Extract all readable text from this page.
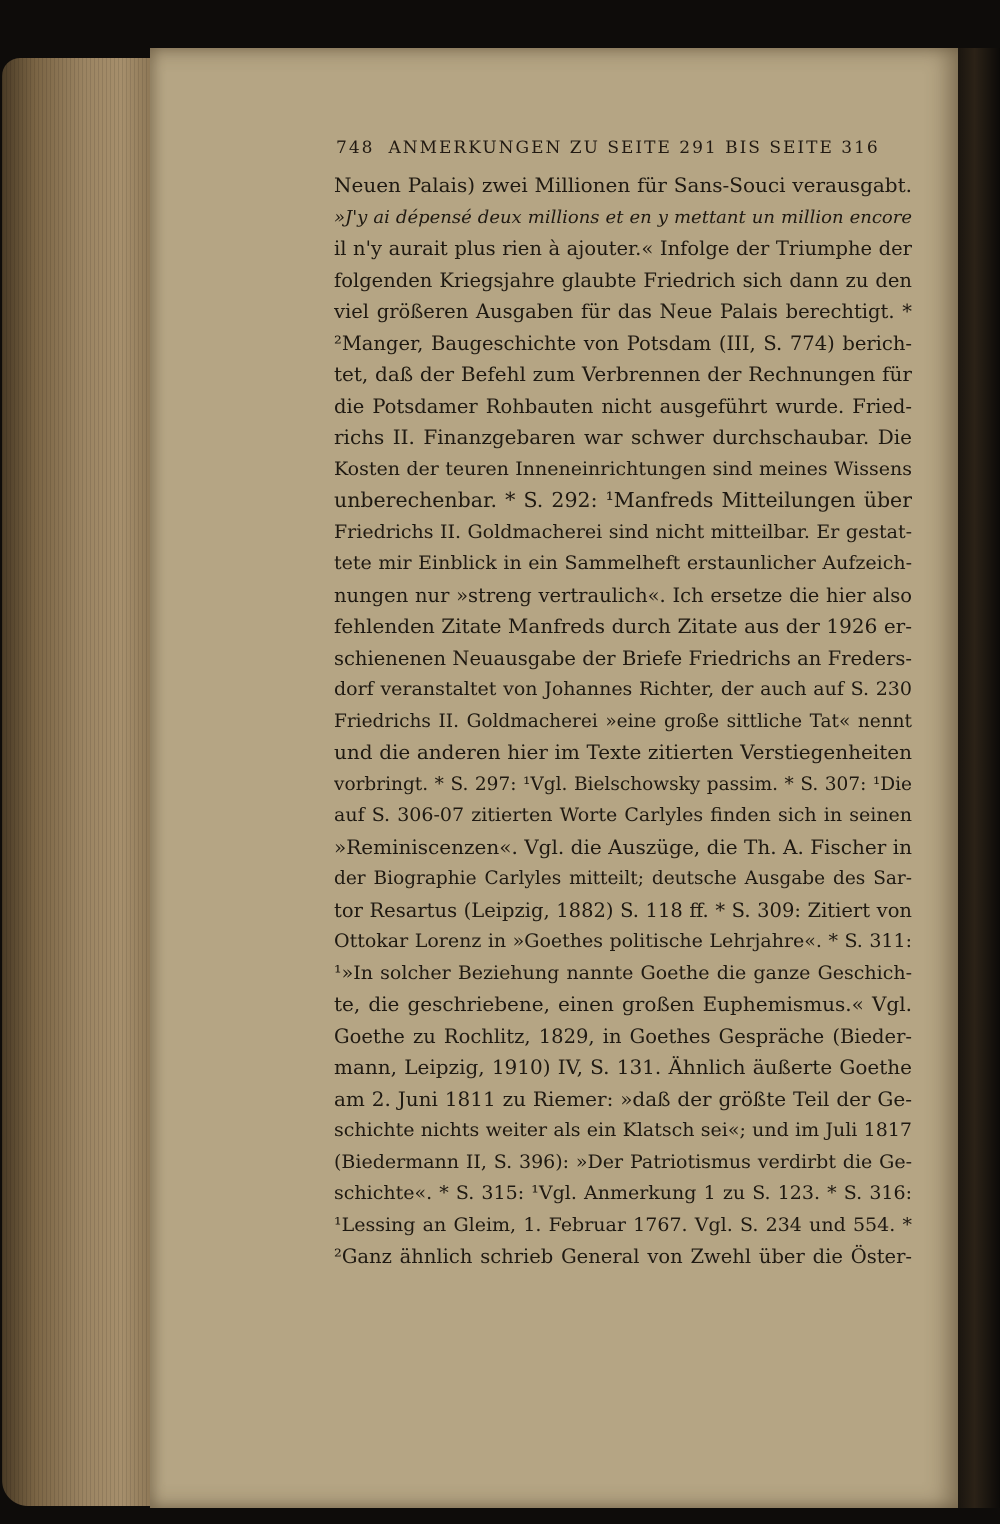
748 ANMERKUNGEN ZU SEITE 291 BIS SEITE 316
Neuen Palais) zwei Millionen für Sans-Souci verausgabt.
»J'y ai dépensé deux millions et en y mettant un million encore
il n'y aurait plus rien à ajouter.« Infolge der Triumphe der
folgenden Kriegsjahre glaubte Friedrich sich dann zu den
viel größeren Ausgaben für das Neue Palais berechtigt. *
²Manger, Baugeschichte von Potsdam (III, S. 774) berich-
tet, daß der Befehl zum Verbrennen der Rechnungen für
die Potsdamer Rohbauten nicht ausgeführt wurde. Fried-
richs II. Finanzgebaren war schwer durchschaubar. Die
Kosten der teuren Inneneinrichtungen sind meines Wissens
unberechenbar. * S. 292: ¹Manfreds Mitteilungen über
Friedrichs II. Goldmacherei sind nicht mitteilbar. Er gestat-
tete mir Einblick in ein Sammelheft erstaunlicher Aufzeich-
nungen nur »streng vertraulich«. Ich ersetze die hier also
fehlenden Zitate Manfreds durch Zitate aus der 1926 er-
schienenen Neuausgabe der Briefe Friedrichs an Freders-
dorf veranstaltet von Johannes Richter, der auch auf S. 230
Friedrichs II. Goldmacherei »eine große sittliche Tat« nennt
und die anderen hier im Texte zitierten Verstiegenheiten
vorbringt. * S. 297: ¹Vgl. Bielschowsky passim. * S. 307: ¹Die
auf S. 306-07 zitierten Worte Carlyles finden sich in seinen
»Reminiscenzen«. Vgl. die Auszüge, die Th. A. Fischer in
der Biographie Carlyles mitteilt; deutsche Ausgabe des Sar-
tor Resartus (Leipzig, 1882) S. 118 ff. * S. 309: Zitiert von
Ottokar Lorenz in »Goethes politische Lehrjahre«. * S. 311:
¹»In solcher Beziehung nannte Goethe die ganze Geschich-
te, die geschriebene, einen großen Euphemismus.« Vgl.
Goethe zu Rochlitz, 1829, in Goethes Gespräche (Bieder-
mann, Leipzig, 1910) IV, S. 131. Ähnlich äußerte Goethe
am 2. Juni 1811 zu Riemer: »daß der größte Teil der Ge-
schichte nichts weiter als ein Klatsch sei«; und im Juli 1817
(Biedermann II, S. 396): »Der Patriotismus verdirbt die Ge-
schichte«. * S. 315: ¹Vgl. Anmerkung 1 zu S. 123. * S. 316:
¹Lessing an Gleim, 1. Februar 1767. Vgl. S. 234 und 554. *
²Ganz ähnlich schrieb General von Zwehl über die Öster-
